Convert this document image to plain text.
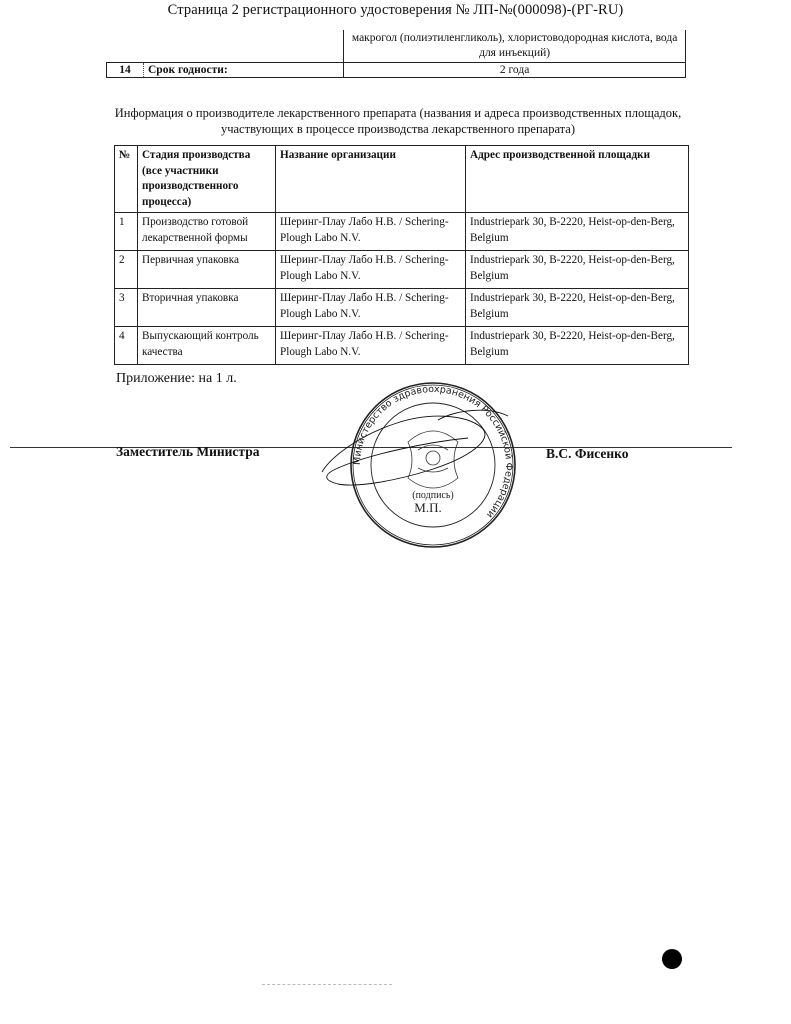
Страница 2 регистрационного удостоверения № ЛП-№(000098)-(РГ-RU)
		макрогол (полиэтиленгликоль), хлористоводородная кислота, вода для инъекций)
14	Срок годности:	2 года
Информация о производителе лекарственного препарата (названия и адреса производственных площадок, участвующих в процессе производства лекарственного препарата)
№	Стадия производства (все участники производственного процесса)	Название организации	Адрес производственной площадки
1	Производство готовой лекарственной формы	Шеринг-Плау Лабо Н.В. / Schering-Plough Labo N.V.	Industriepark 30, B-2220, Heist-op-den-Berg, Belgium
2	Первичная упаковка	Шеринг-Плау Лабо Н.В. / Schering-Plough Labo N.V.	Industriepark 30, B-2220, Heist-op-den-Berg, Belgium
3	Вторичная упаковка	Шеринг-Плау Лабо Н.В. / Schering-Plough Labo N.V.	Industriepark 30, B-2220, Heist-op-den-Berg, Belgium
4	Выпускающий контроль качества	Шеринг-Плау Лабо Н.В. / Schering-Plough Labo N.V.	Industriepark 30, B-2220, Heist-op-den-Berg, Belgium
Приложение: на 1 л.
Заместитель Министра	В.С. Фисенко
Министерство здравоохранения Российской Федерации
(подпись)
М.П.
